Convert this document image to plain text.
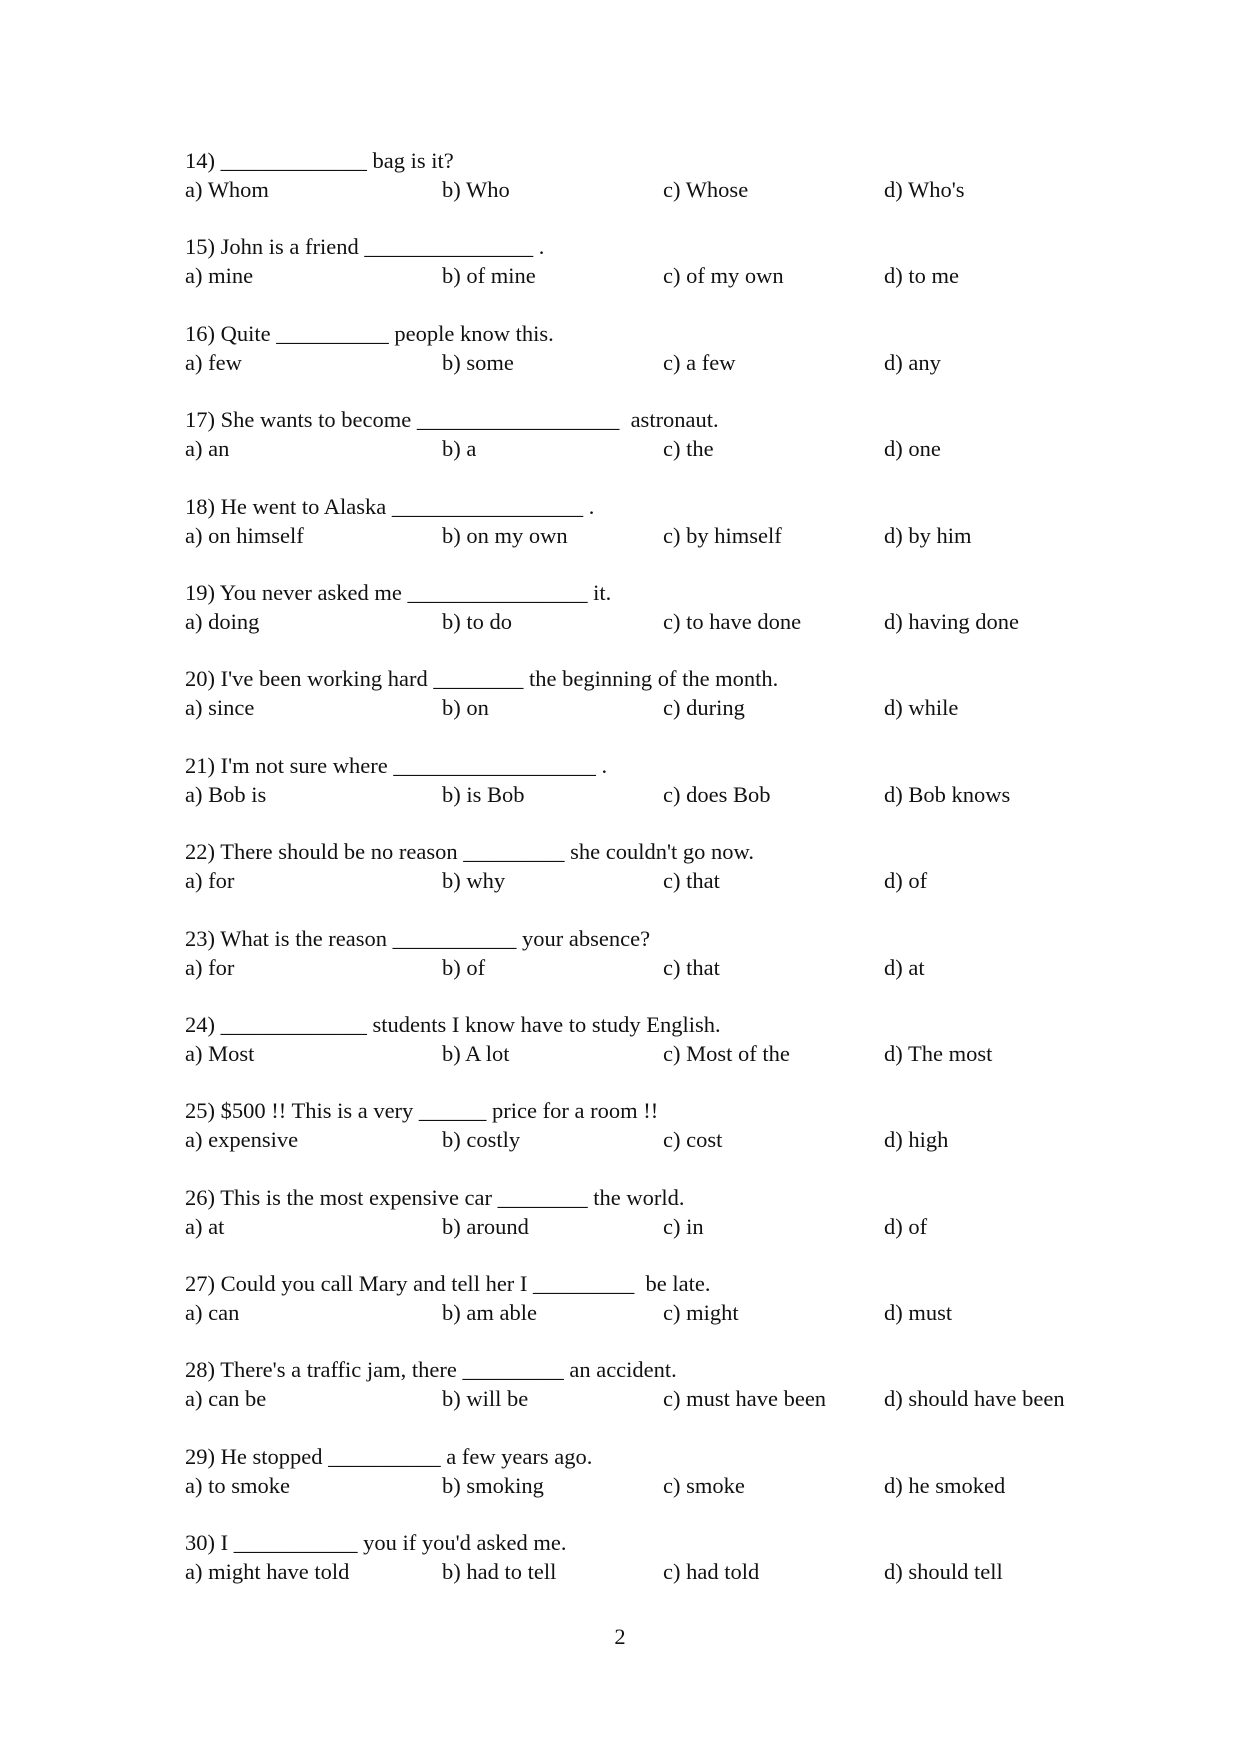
14) _____________ bag is it?
a) Whom	b) Who	c) Whose	d) Who's
15) John is a friend _______________ .
a) mine	b) of mine	c) of my own	d) to me
16) Quite __________ people know this.
a) few	b) some	c) a few	d) any
17) She wants to become __________________  astronaut.
a) an	b) a	c) the	d) one
18) He went to Alaska _________________ .
a) on himself	b) on my own	c) by himself	d) by him
19) You never asked me ________________ it.
a) doing	b) to do	c) to have done	d) having done
20) I've been working hard ________ the beginning of the month.
a) since	b) on	c) during	d) while
21) I'm not sure where __________________ .
a) Bob is	b) is Bob	c) does Bob	d) Bob knows
22) There should be no reason _________ she couldn't go now.
a) for	b) why	c) that	d) of
23) What is the reason ___________ your absence?
a) for	b) of	c) that	d) at
24) _____________ students I know have to study English.
a) Most	b) A lot	c) Most of the	d) The most
25) $500 !! This is a very ______ price for a room !!
a) expensive	b) costly	c) cost	d) high
26) This is the most expensive car ________ the world.
a) at	b) around	c) in	d) of
27) Could you call Mary and tell her I _________  be late.
a) can	b) am able	c) might	d) must
28) There's a traffic jam, there _________ an accident.
a) can be	b) will be	c) must have been	d) should have been
29) He stopped __________ a few years ago.
a) to smoke	b) smoking	c) smoke	d) he smoked
30) I ___________ you if you'd asked me.
a) might have told	b) had to tell	c) had told	d) should tell
2
